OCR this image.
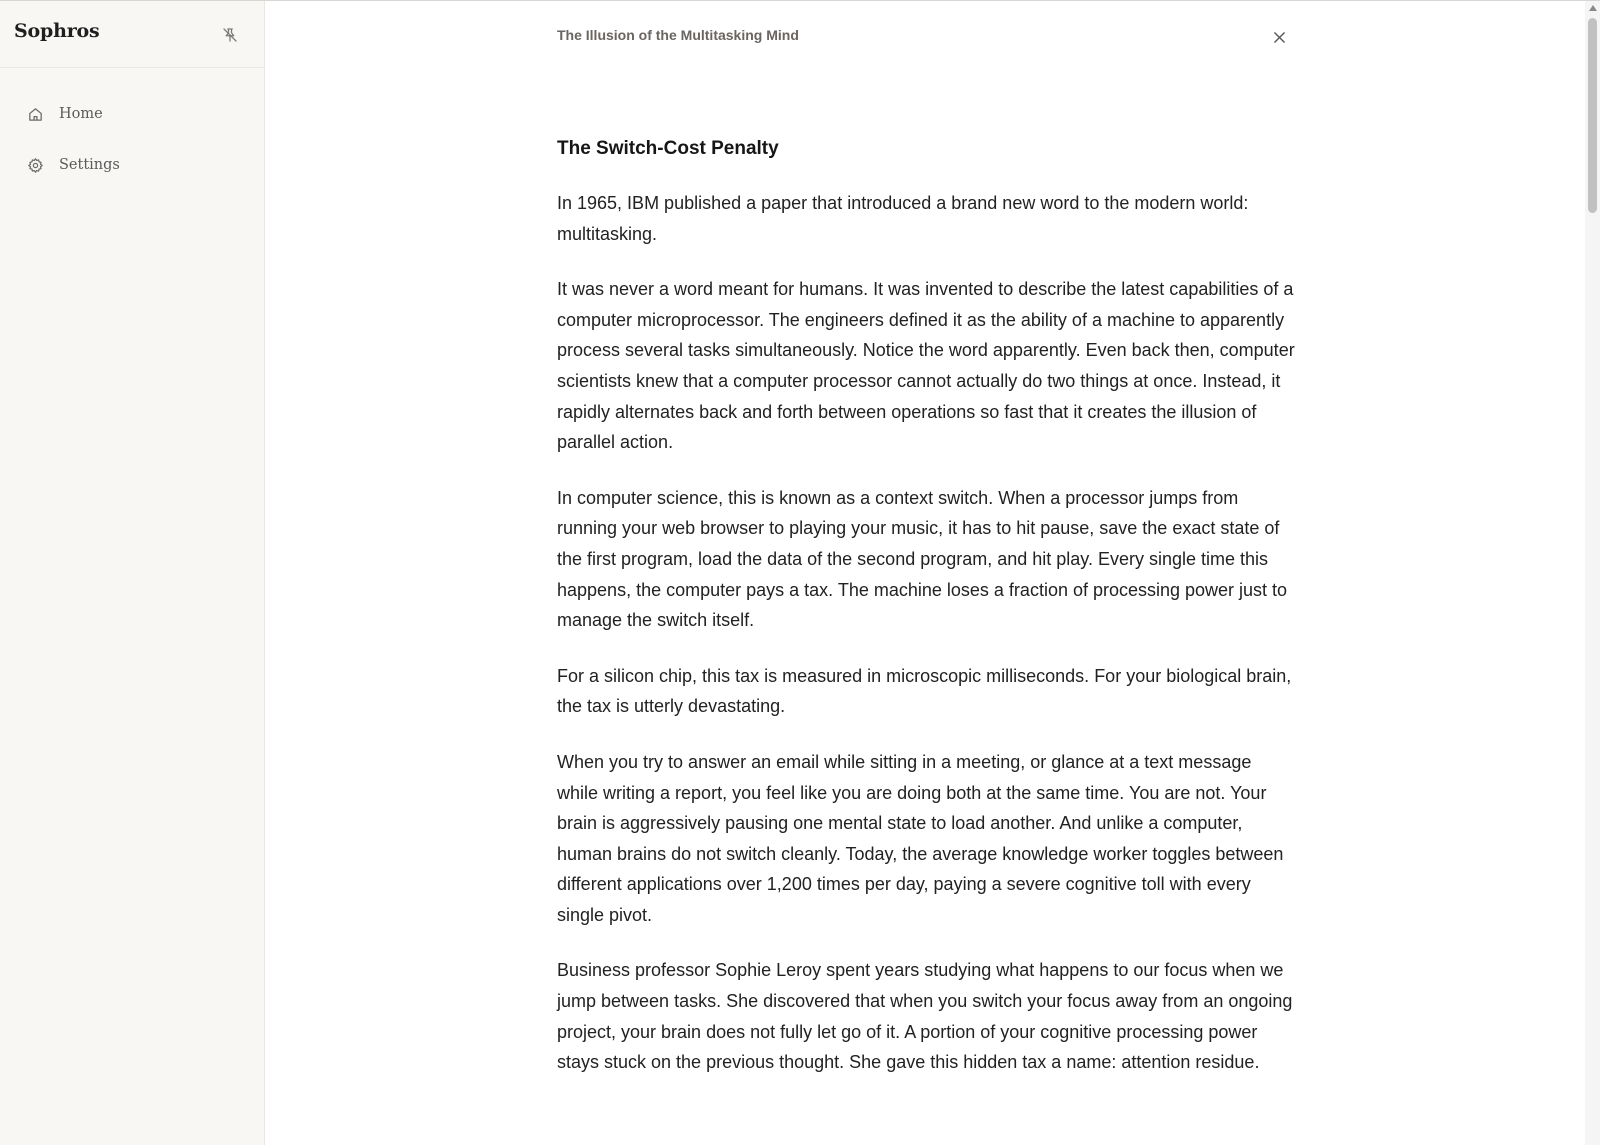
Sophros
Home
Settings
The Illusion of the Multitasking Mind
The Switch-Cost Penalty

In 1965, IBM published a paper that introduced a brand new word to the modern world: multitasking.

It was never a word meant for humans. It was invented to describe the latest capabilities of a computer microprocessor. The engineers defined it as the ability of a machine to apparently process several tasks simultaneously. Notice the word apparently. Even back then, computer scientists knew that a computer processor cannot actually do two things at once. Instead, it rapidly alternates back and forth between operations so fast that it creates the illusion of parallel action.

In computer science, this is known as a context switch. When a processor jumps from running your web browser to playing your music, it has to hit pause, save the exact state of the first program, load the data of the second program, and hit play. Every single time this happens, the computer pays a tax. The machine loses a fraction of processing power just to manage the switch itself.

For a silicon chip, this tax is measured in microscopic milliseconds. For your biological brain, the tax is utterly devastating.

When you try to answer an email while sitting in a meeting, or glance at a text message while writing a report, you feel like you are doing both at the same time. You are not. Your brain is aggressively pausing one mental state to load another. And unlike a computer, human brains do not switch cleanly. Today, the average knowledge worker toggles between different applications over 1,200 times per day, paying a severe cognitive toll with every single pivot.

Business professor Sophie Leroy spent years studying what happens to our focus when we jump between tasks. She discovered that when you switch your focus away from an ongoing project, your brain does not fully let go of it. A portion of your cognitive processing power stays stuck on the previous thought. She gave this hidden tax a name: attention residue.
